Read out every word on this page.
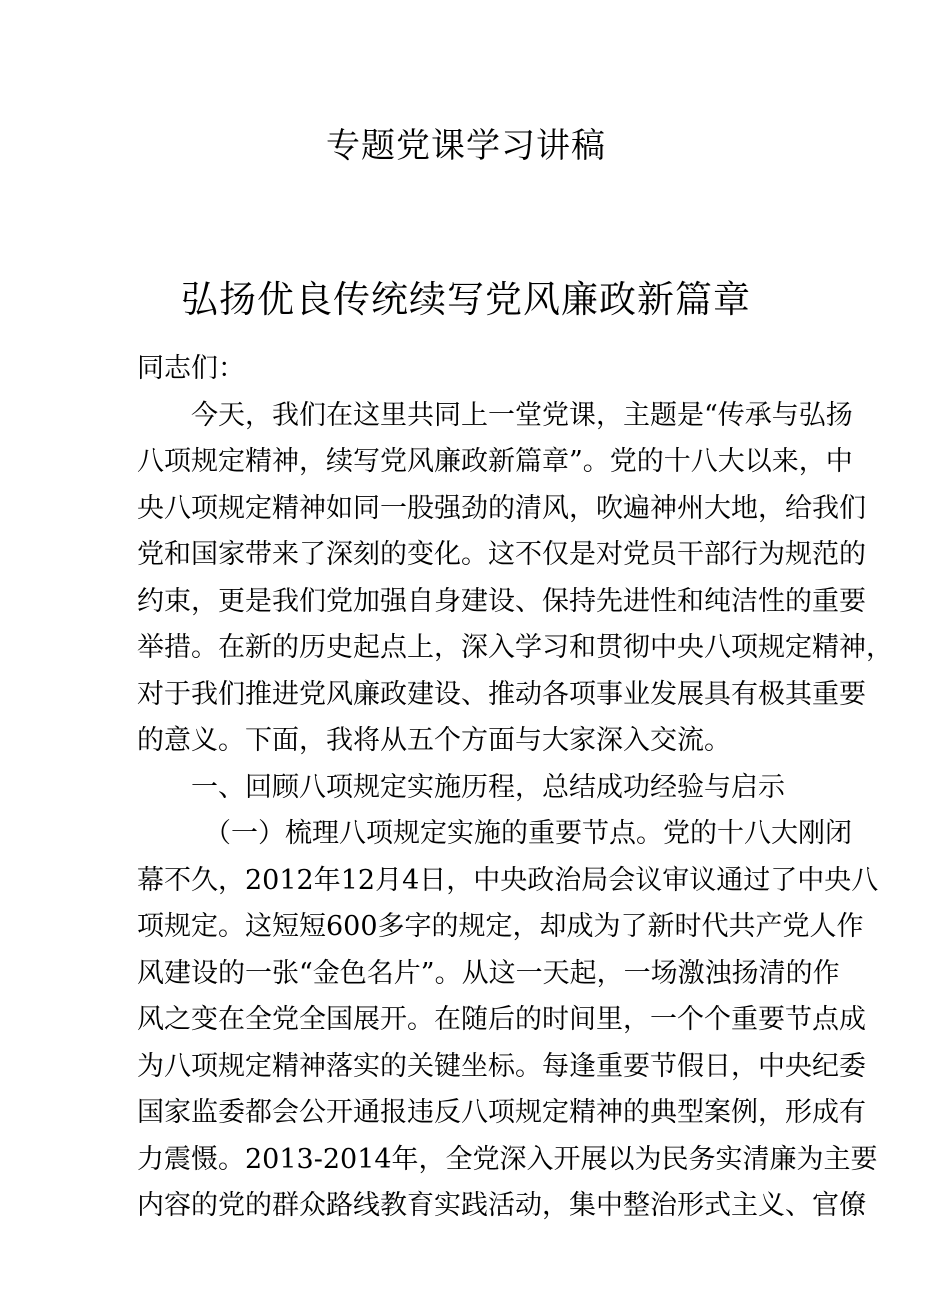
专题党课学习讲稿
弘扬优良传统续写党风廉政新篇章
同志们：
今天，我们在这里共同上一堂党课，主题是“传承与弘扬
八项规定精神，续写党风廉政新篇章”。党的十八大以来，中
央八项规定精神如同一股强劲的清风，吹遍神州大地，给我们
党和国家带来了深刻的变化。这不仅是对党员干部行为规范的
约束，更是我们党加强自身建设、保持先进性和纯洁性的重要
举措。在新的历史起点上，深入学习和贯彻中央八项规定精神，
对于我们推进党风廉政建设、推动各项事业发展具有极其重要
的意义。下面，我将从五个方面与大家深入交流。
一、回顾八项规定实施历程，总结成功经验与启示
（一）梳理八项规定实施的重要节点。党的十八大刚闭
幕不久，2012年12月4日，中央政治局会议审议通过了中央八
项规定。这短短600多字的规定，却成为了新时代共产党人作
风建设的一张“金色名片”。从这一天起，一场激浊扬清的作
风之变在全党全国展开。在随后的时间里，一个个重要节点成
为八项规定精神落实的关键坐标。每逢重要节假日，中央纪委
国家监委都会公开通报违反八项规定精神的典型案例，形成有
力震慑。2013-2014年，全党深入开展以为民务实清廉为主要
内容的党的群众路线教育实践活动，集中整治形式主义、官僚
